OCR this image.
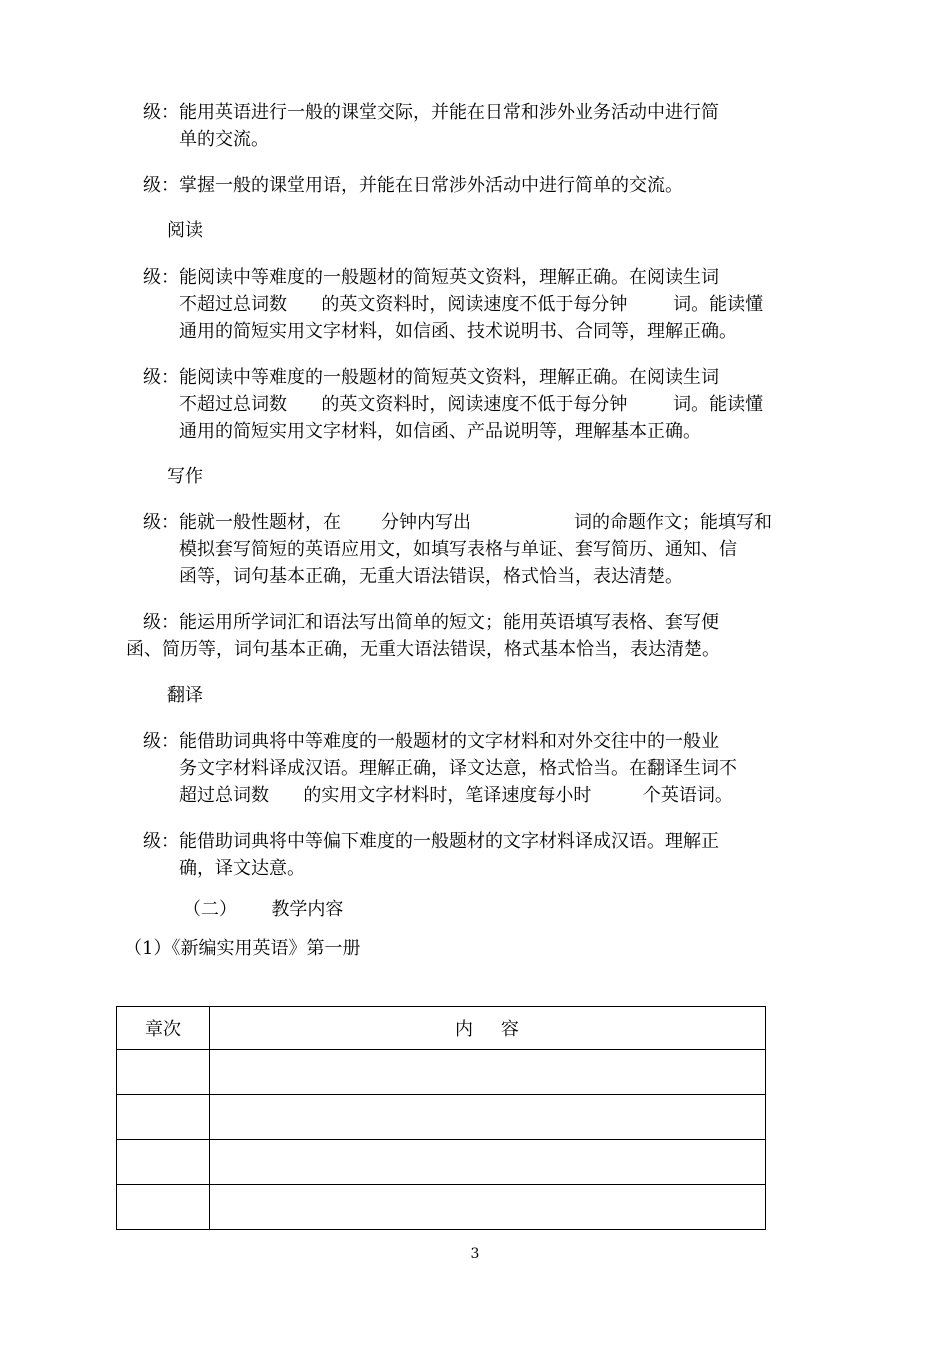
级：能用英语进行一般的课堂交际，并能在日常和涉外业务活动中进行简
单的交流。
级：掌握一般的课堂用语，并能在日常涉外活动中进行简单的交流。
阅读
级：能阅读中等难度的一般题材的简短英文资料，理解正确。在阅读生词
不超过总词数      的英文资料时，阅读速度不低于每分钟        词。能读懂
通用的简短实用文字材料，如信函、技术说明书、合同等，理解正确。
级：能阅读中等难度的一般题材的简短英文资料，理解正确。在阅读生词
不超过总词数      的英文资料时，阅读速度不低于每分钟        词。能读懂
通用的简短实用文字材料，如信函、产品说明等，理解基本正确。
写作
级：能就一般性题材，在       分钟内写出                  词的命题作文；能填写和
模拟套写简短的英语应用文，如填写表格与单证、套写简历、通知、信
函等，词句基本正确，无重大语法错误，格式恰当，表达清楚。
级：能运用所学词汇和语法写出简单的短文；能用英语填写表格、套写便
函、简历等，词句基本正确，无重大语法错误，格式基本恰当，表达清楚。
翻译
级：能借助词典将中等难度的一般题材的文字材料和对外交往中的一般业
务文字材料译成汉语。理解正确，译文达意，格式恰当。在翻译生词不
超过总词数      的实用文字材料时，笔译速度每小时         个英语词。
级：能借助词典将中等偏下难度的一般题材的文字材料译成汉语。理解正
确，译文达意。
（二）      教学内容
（1）《新编实用英语》第一册
章次	内    容

3
